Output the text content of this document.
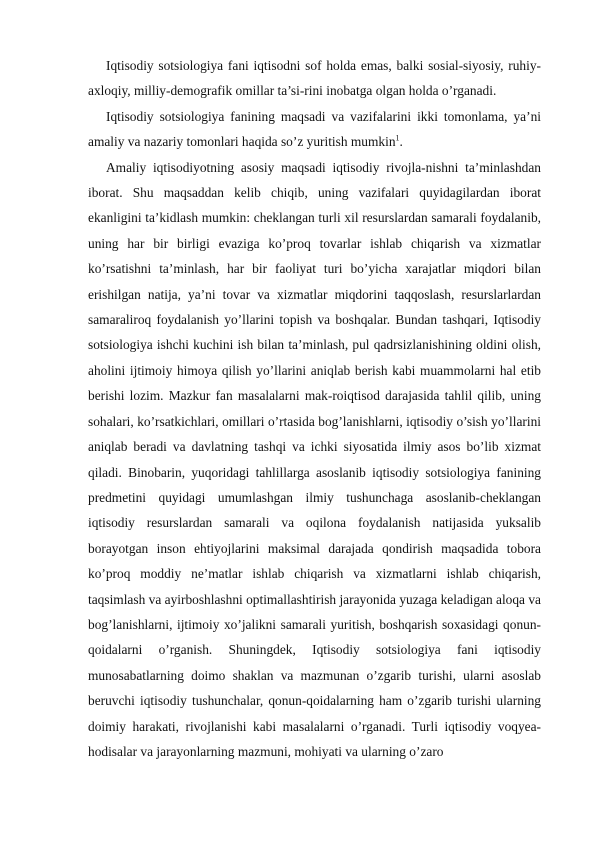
Iqtisodiy sotsiologiya fani iqtisodni sof holda emas, balki sosial-siyosiy, ruhiy-axloqiy, milliy-demografik omillar ta’si-rini inobatga olgan holda o’rganadi.

Iqtisodiy sotsiologiya fanining maqsadi va vazifalarini ikki tomonlama, ya’ni amaliy va nazariy tomonlari haqida so’z yuritish mumkin$^1$.

Amaliy iqtisodiyotning asosiy maqsadi iqtisodiy rivojla-nishni ta’minlashdan iborat. Shu maqsaddan kelib chiqib, uning vazifalari quyidagilardan iborat ekanligini ta’kidlash mumkin: cheklangan turli xil resurslardan samarali foydalanib, uning har bir birligi evaziga ko’proq tovarlar ishlab chiqarish va xizmatlar ko’rsatishni ta’minlash, har bir faoliyat turi bo’yicha xarajatlar miqdori bilan erishilgan natija, ya’ni tovar va xizmatlar miqdorini taqqoslash, resurslarlardan samaraliroq foydalanish yo’llarini topish va boshqalar. Bundan tashqari, Iqtisodiy sotsiologiya ishchi kuchini ish bilan ta’minlash, pul qadrsizlanishining oldini olish, aholini ijtimoiy himoya qilish yo’llarini aniqlab berish kabi muammolarni hal etib berishi lozim. Mazkur fan masalalarni mak-roiqtisod darajasida tahlil qilib, uning sohalari, ko’rsatkichlari, omillari o’rtasida bog’lanishlarni, iqtisodiy o’sish yo’llarini aniqlab beradi va davlatning tashqi va ichki siyosatida ilmiy asos bo’lib xizmat qiladi. Binobarin, yuqoridagi tahlillarga asoslanib iqtisodiy sotsiologiya fanining predmetini quyidagi umumlashgan ilmiy tushunchaga asoslanib-cheklangan iqtisodiy resurslardan samarali va oqilona foydalanish natijasida yuksalib borayotgan inson ehtiyojlarini maksimal darajada qondirish maqsadida tobora ko’proq moddiy ne’matlar ishlab chiqarish va xizmatlarni ishlab chiqarish, taqsimlash va ayirboshlashni optimallashtirish jarayonida yuzaga keladigan aloqa va bog’lanishlarni, ijtimoiy xo’jalikni samarali yuritish, boshqarish soxasidagi qonun-qoidalarni o’rganish. Shuningdek, Iqtisodiy sotsiologiya fani iqtisodiy munosabatlarning doimo shaklan va mazmunan o’zgarib turishi, ularni asoslab beruvchi iqtisodiy tushunchalar, qonun-qoidalarning ham o’zgarib turishi ularning doimiy harakati, rivojlanishi kabi masalalarni o’rganadi. Turli iqtisodiy voqyea-hodisalar va jarayonlarning mazmuni, mohiyati va ularning o’zaro
